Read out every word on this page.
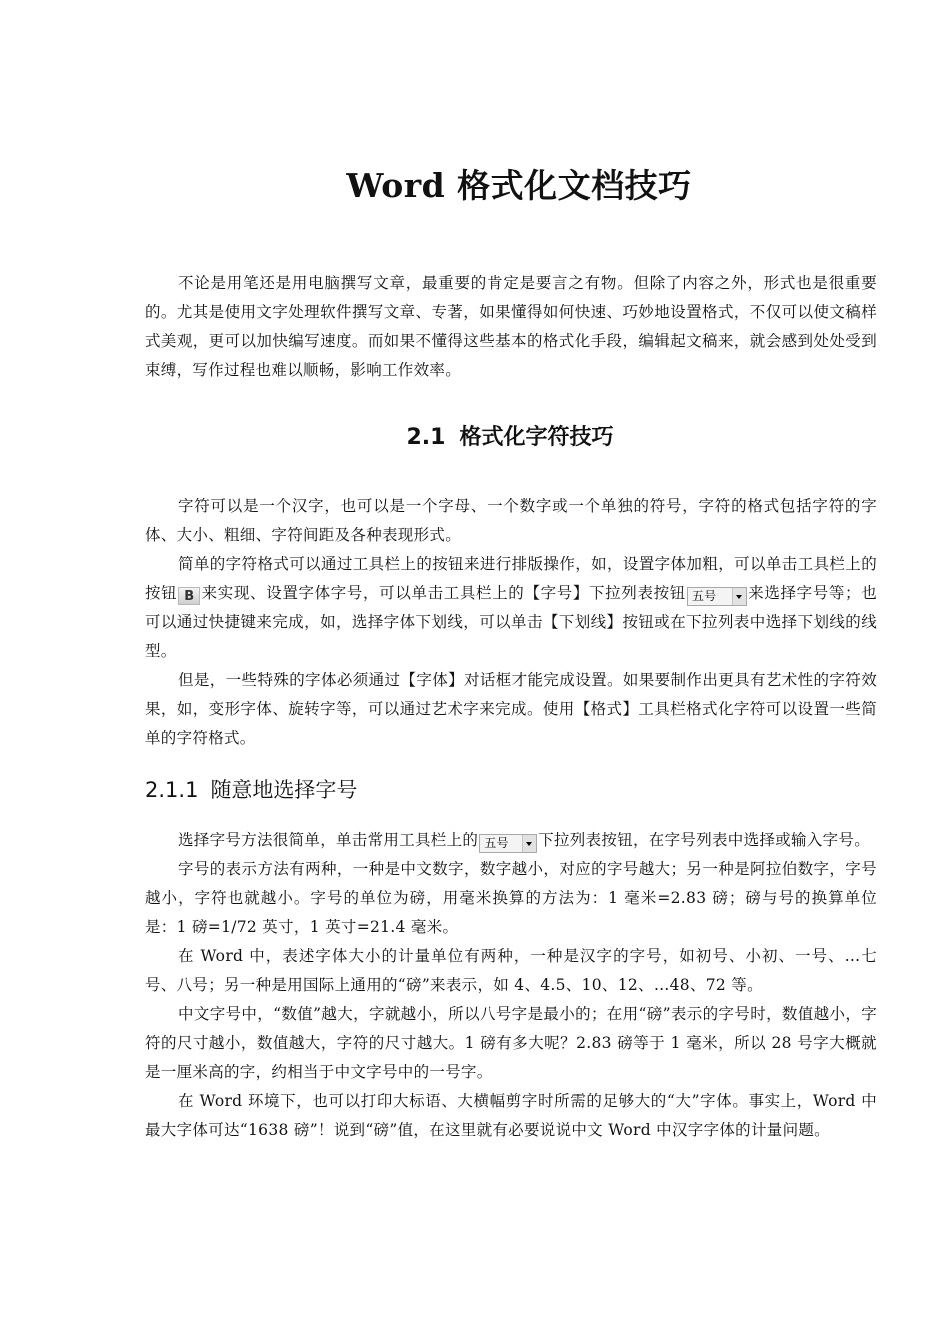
Word 格式化文档技巧

不论是用笔还是用电脑撰写文章，最重要的肯定是要言之有物。但除了内容之外，形式也是很重要的。尤其是使用文字处理软件撰写文章、专著，如果懂得如何快速、巧妙地设置格式，不仅可以使文稿样式美观，更可以加快编写速度。而如果不懂得这些基本的格式化手段，编辑起文稿来，就会感到处处受到束缚，写作过程也难以顺畅，影响工作效率。

2.1 格式化字符技巧

字符可以是一个汉字，也可以是一个字母、一个数字或一个单独的符号，字符的格式包括字符的字体、大小、粗细、字符间距及各种表现形式。

简单的字符格式可以通过工具栏上的按钮来进行排版操作，如，设置字体加粗，可以单击工具栏上的按钮 B 来实现、设置字体字号，可以单击工具栏上的【字号】下拉列表按钮 五号 来选择字号等；也可以通过快捷键来完成，如，选择字体下划线，可以单击【下划线】按钮或在下拉列表中选择下划线的线型。

但是，一些特殊的字体必须通过【字体】对话框才能完成设置。如果要制作出更具有艺术性的字符效果，如，变形字体、旋转字等，可以通过艺术字来完成。使用【格式】工具栏格式化字符可以设置一些简单的字符格式。

2.1.1 随意地选择字号

选择字号方法很简单，单击常用工具栏上的 五号 下拉列表按钮，在字号列表中选择或输入字号。

字号的表示方法有两种，一种是中文数字，数字越小，对应的字号越大；另一种是阿拉伯数字，字号越小，字符也就越小。字号的单位为磅，用毫米换算的方法为：1 毫米=2.83 磅；磅与号的换算单位是：1 磅=1/72 英寸，1 英寸=21.4 毫米。

在 Word 中，表述字体大小的计量单位有两种，一种是汉字的字号，如初号、小初、一号、…七号、八号；另一种是用国际上通用的“磅”来表示，如 4、4.5、10、12、…48、72 等。

中文字号中，“数值”越大，字就越小，所以八号字是最小的；在用“磅”表示的字号时，数值越小，字符的尺寸越小，数值越大，字符的尺寸越大。1 磅有多大呢？2.83 磅等于 1 毫米，所以 28 号字大概就是一厘米高的字，约相当于中文字号中的一号字。

在 Word 环境下，也可以打印大标语、大横幅剪字时所需的足够大的“大”字体。事实上，Word 中最大字体可达“1638 磅”！说到“磅”值，在这里就有必要说说中文 Word 中汉字字体的计量问题。
